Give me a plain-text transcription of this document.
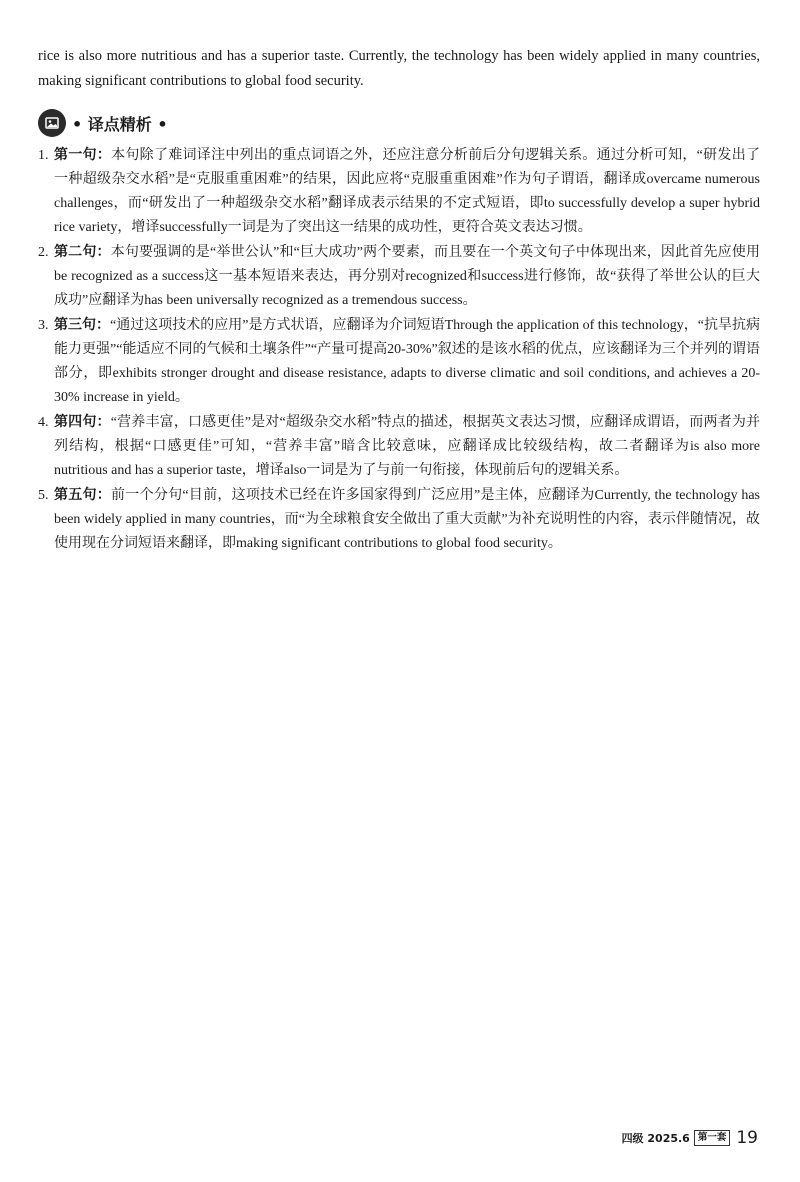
rice is also more nutritious and has a superior taste. Currently, the technology has been widely applied in many countries, making significant contributions to global food security.

• 译点精析 •
1. 第一句：本句除了难词译注中列出的重点词语之外，还应注意分析前后分句逻辑关系。通过分析可知，“研发出了一种超级杂交水稻”是“克服重重困难”的结果，因此应将“克服重重困难”作为句子谓语，翻译成overcame numerous challenges，而“研发出了一种超级杂交水稻”翻译成表示结果的不定式短语，即to successfully develop a super hybrid rice variety，增译successfully一词是为了突出这一结果的成功性，更符合英文表达习惯。
2. 第二句：本句要强调的是“举世公认”和“巨大成功”两个要素，而且要在一个英文句子中体现出来，因此首先应使用be recognized as a success这一基本短语来表达，再分别对recognized和success进行修饰，故“获得了举世公认的巨大成功”应翻译为has been universally recognized as a tremendous success。
3. 第三句：“通过这项技术的应用”是方式状语，应翻译为介词短语Through the application of this technology，“抗旱抗病能力更强”“能适应不同的气候和土壤条件”“产量可提高20-30%”叙述的是该水稻的优点，应该翻译为三个并列的谓语部分，即exhibits stronger drought and disease resistance, adapts to diverse climatic and soil conditions, and achieves a 20-30% increase in yield。
4. 第四句：“营养丰富，口感更佳”是对“超级杂交水稻”特点的描述，根据英文表达习惯，应翻译成谓语，而两者为并列结构，根据“口感更佳”可知，“营养丰富”暗含比较意味，应翻译成比较级结构，故二者翻译为is also more nutritious and has a superior taste，增译also一词是为了与前一句衔接，体现前后句的逻辑关系。
5. 第五句：前一个分句“目前，这项技术已经在许多国家得到广泛应用”是主体，应翻译为Currently, the technology has been widely applied in many countries，而“为全球粮食安全做出了重大贡献”为补充说明性的内容，表示伴随情况，故使用现在分词短语来翻译，即making significant contributions to global food security。
四级 2025.6 第一套 19
